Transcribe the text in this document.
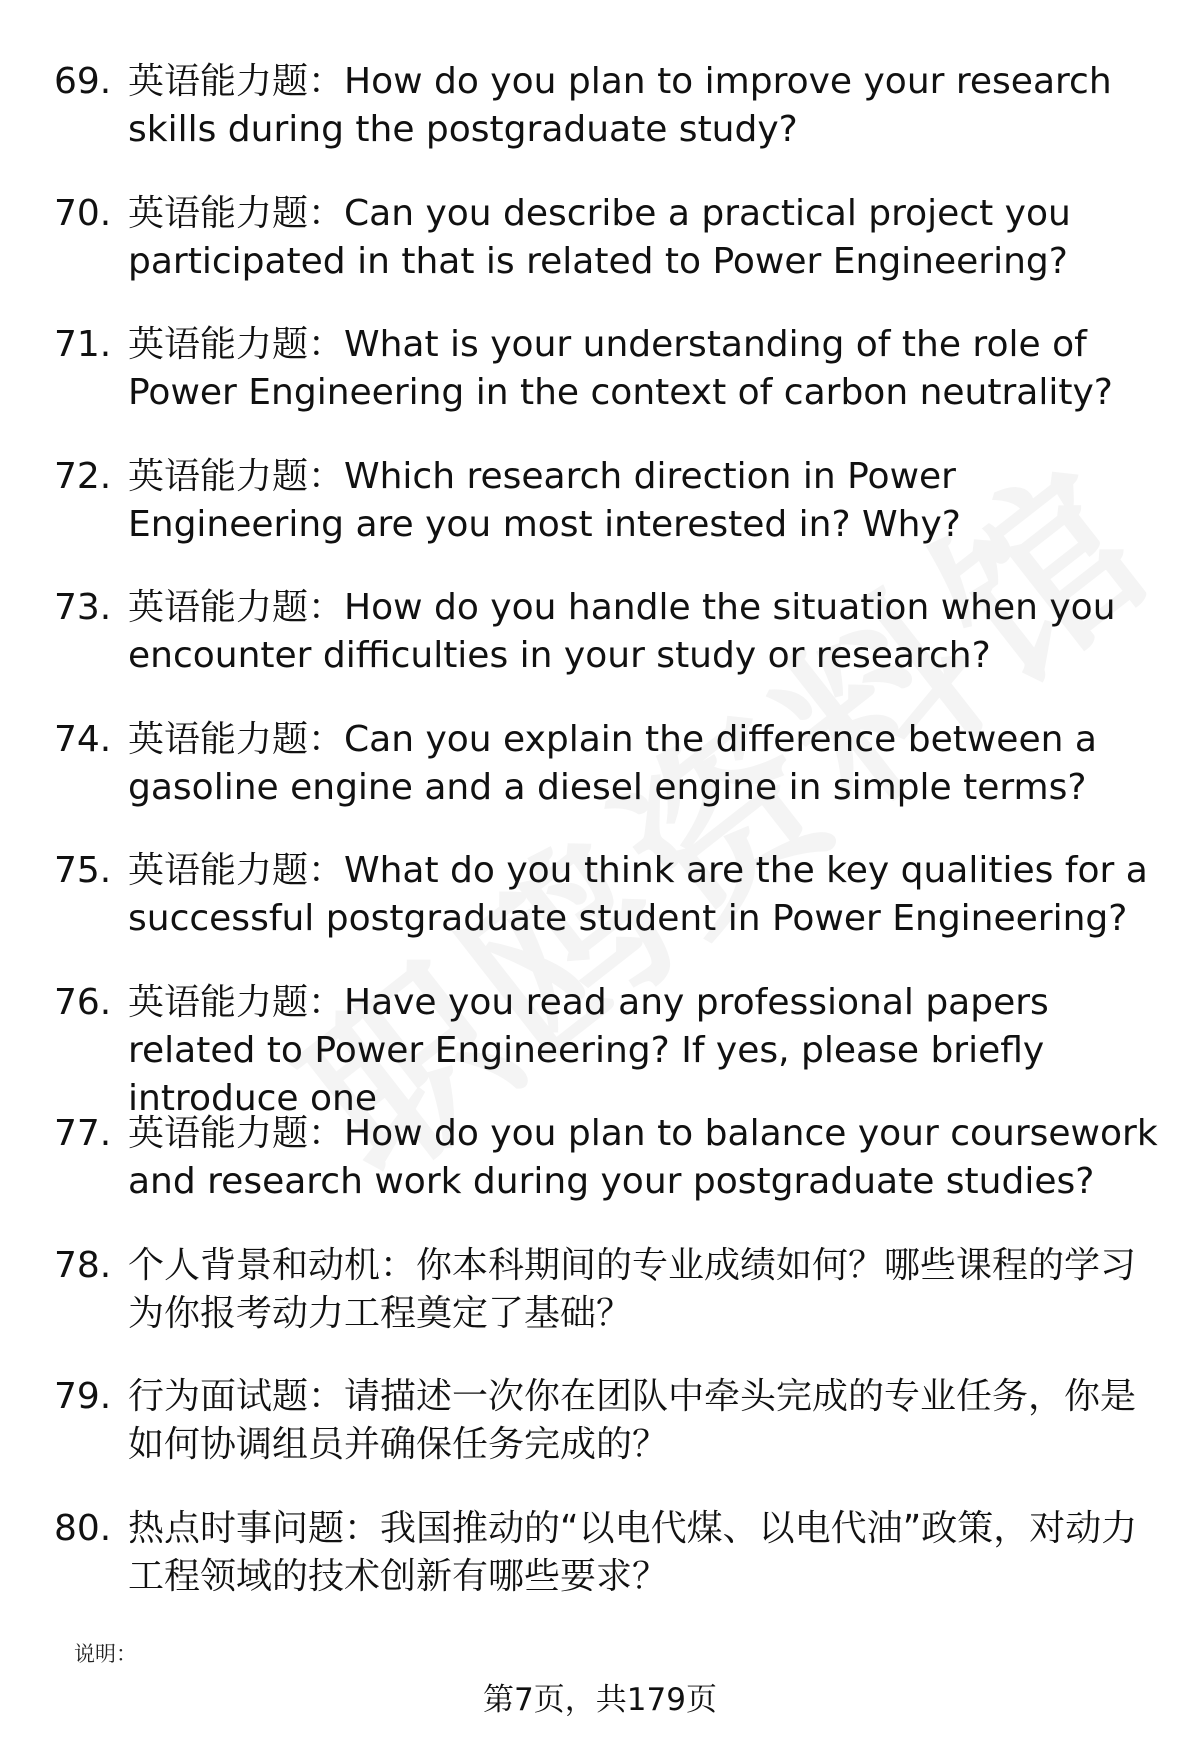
69. 英语能力题：How do you plan to improve your research skills during the postgraduate study?
70. 英语能力题：Can you describe a practical project you participated in that is related to Power Engineering?
71. 英语能力题：What is your understanding of the role of Power Engineering in the context of carbon neutrality?
72. 英语能力题：Which research direction in Power Engineering are you most interested in? Why?
73. 英语能力题：How do you handle the situation when you encounter difficulties in your study or research?
74. 英语能力题：Can you explain the difference between a gasoline engine and a diesel engine in simple terms?
75. 英语能力题：What do you think are the key qualities for a successful postgraduate student in Power Engineering?
76. 英语能力题：Have you read any professional papers related to Power Engineering? If yes, please briefly introduce one
77. 英语能力题：How do you plan to balance your coursework and research work during your postgraduate studies?
78. 个人背景和动机：你本科期间的专业成绩如何？哪些课程的学习为你报考动力工程奠定了基础？
79. 行为面试题：请描述一次你在团队中牵头完成的专业任务，你是如何协调组员并确保任务完成的？
80. 热点时事问题：我国推动的“以电代煤、以电代油”政策，对动力工程领域的技术创新有哪些要求？
说明：
第7页，共179页
